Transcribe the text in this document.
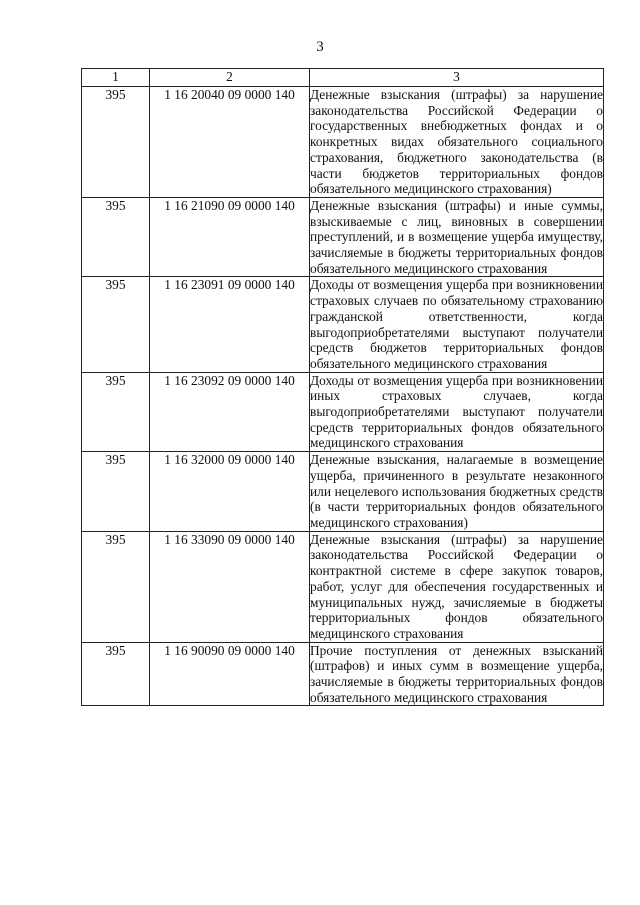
3
1	2	3
395	1 16 20040 09 0000 140	Денежные взыскания (штрафы) за нарушение законодательства Российской Федерации о государственных внебюджетных фондах и о конкретных видах обязательного социального страхования, бюджетного законодательства (в части бюджетов территориальных фондов обязательного медицинского страхования)
395	1 16 21090 09 0000 140	Денежные взыскания (штрафы) и иные суммы, взыскиваемые с лиц, виновных в совершении преступлений, и в возмещение ущерба имуществу, зачисляемые в бюджеты территориальных фондов обязательного медицинского страхования
395	1 16 23091 09 0000 140	Доходы от возмещения ущерба при возникновении страховых случаев по обязательному страхованию гражданской ответственности, когда выгодоприобретателями выступают получатели средств бюджетов территориальных фондов обязательного медицинского страхования
395	1 16 23092 09 0000 140	Доходы от возмещения ущерба при возникновении иных страховых случаев, когда выгодоприобретателями выступают получатели средств территориальных фондов обязательного медицинского страхования
395	1 16 32000 09 0000 140	Денежные взыскания, налагаемые в возмещение ущерба, причиненного в результате незаконного или нецелевого использования бюджетных средств (в части территориальных фондов обязательного медицинского страхования)
395	1 16 33090 09 0000 140	Денежные взыскания (штрафы) за нарушение законодательства Российской Федерации о контрактной системе в сфере закупок товаров, работ, услуг для обеспечения государственных и муниципальных нужд, зачисляемые в бюджеты территориальных фондов обязательного медицинского страхования
395	1 16 90090 09 0000 140	Прочие поступления от денежных взысканий (штрафов) и иных сумм в возмещение ущерба, зачисляемые в бюджеты территориальных фондов обязательного медицинского страхования
